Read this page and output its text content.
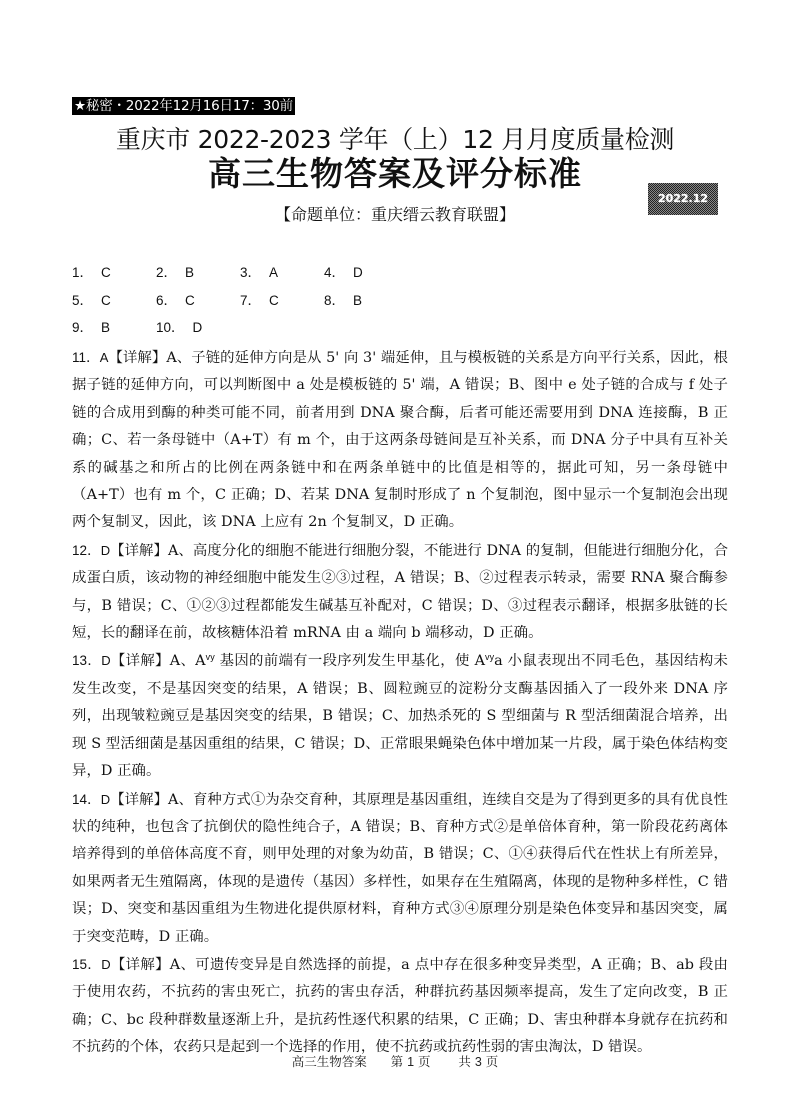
★秘密・2022年12月16日17：30前
重庆市 2022-2023 学年（上）12 月月度质量检测
高三生物答案及评分标准
2022.12
【命题单位：重庆缙云教育联盟】
1． C	2． B	3． A	4． D
5． C	6． C	7． C	8． B
9． B	10． D

11．A【详解】A、子链的延伸方向是从 5' 向 3' 端延伸，且与模板链的关系是方向平行关系，因此，根据子链的延伸方向，可以判断图中 a 处是模板链的 5' 端，A 错误；B、图中 e 处子链的合成与 f 处子链的合成用到酶的种类可能不同，前者用到 DNA 聚合酶，后者可能还需要用到 DNA 连接酶，B 正确；C、若一条母链中（A+T）有 m 个，由于这两条母链间是互补关系，而 DNA 分子中具有互补关系的碱基之和所占的比例在两条链中和在两条单链中的比值是相等的，据此可知，另一条母链中（A+T）也有 m 个，C 正确；D、若某 DNA 复制时形成了 n 个复制泡，图中显示一个复制泡会出现两个复制叉，因此，该 DNA 上应有 2n 个复制叉，D 正确。

12．D【详解】A、高度分化的细胞不能进行细胞分裂，不能进行 DNA 的复制，但能进行细胞分化，合成蛋白质，该动物的神经细胞中能发生②③过程，A 错误；B、②过程表示转录，需要 RNA 聚合酶参与，B 错误；C、①②③过程都能发生碱基互补配对，C 错误；D、③过程表示翻译，根据多肽链的长短，长的翻译在前，故核糖体沿着 mRNA 由 a 端向 b 端移动，D 正确。

13．D【详解】A、$A^{vy}$ 基因的前端有一段序列发生甲基化，使 $A^{vy}a$ 小鼠表现出不同毛色，基因结构未发生改变，不是基因突变的结果，A 错误；B、圆粒豌豆的淀粉分支酶基因插入了一段外来 DNA 序列，出现皱粒豌豆是基因突变的结果，B 错误；C、加热杀死的 S 型细菌与 R 型活细菌混合培养，出现 S 型活细菌是基因重组的结果，C 错误；D、正常眼果蝇染色体中增加某一片段，属于染色体结构变异，D 正确。

14．D【详解】A、育种方式①为杂交育种，其原理是基因重组，连续自交是为了得到更多的具有优良性状的纯种，也包含了抗倒伏的隐性纯合子，A 错误；B、育种方式②是单倍体育种，第一阶段花药离体培养得到的单倍体高度不育，则甲处理的对象为幼苗，B 错误；C、①④获得后代在性状上有所差异，如果两者无生殖隔离，体现的是遗传（基因）多样性，如果存在生殖隔离，体现的是物种多样性，C 错误；D、突变和基因重组为生物进化提供原材料，育种方式③④原理分别是染色体变异和基因突变，属于突变范畴，D 正确。

15．D【详解】A、可遗传变异是自然选择的前提，a 点中存在很多种变异类型，A 正确；B、ab 段由于使用农药，不抗药的害虫死亡，抗药的害虫存活，种群抗药基因频率提高，发生了定向改变，B 正确；C、bc 段种群数量逐渐上升，是抗药性逐代积累的结果，C 正确；D、害虫种群本身就存在抗药和不抗药的个体，农药只是起到一个选择的作用，使不抗药或抗药性弱的害虫淘汰，D 错误。

高三生物答案 第 1 页 共 3 页
